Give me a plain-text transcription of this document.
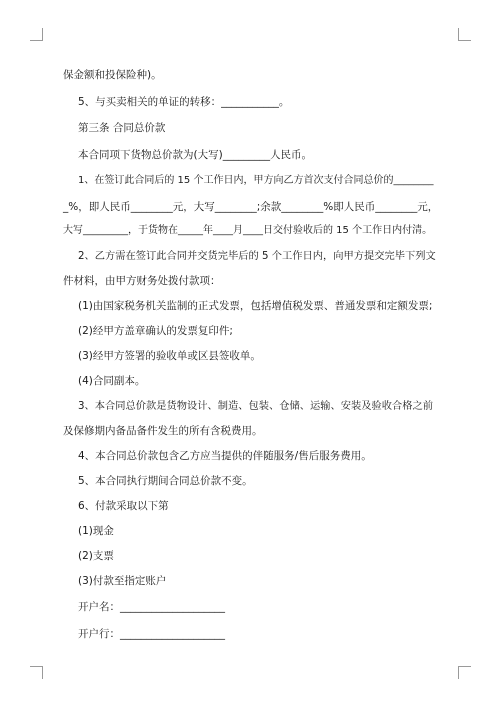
保金额和投保险种)。
5、与买卖相关的单证的转移：___________。
第三条 合同总价款
本合同项下货物总价款为(大写)_________人民币。
1、在签订此合同后的 15 个工作日内，甲方向乙方首次支付合同总价的________
_%，即人民币________元，大写________;余款________%即人民币________元，
大写_________，于货物在_____年____月____日交付验收后的 15 个工作日内付清。
2、乙方需在签订此合同并交货完毕后的 5 个工作日内，向甲方提交完毕下列文
件材料，由甲方财务处拨付款项：
(1)由国家税务机关监制的正式发票，包括增值税发票、普通发票和定额发票;
(2)经甲方盖章确认的发票复印件;
(3)经甲方签署的验收单或区县签收单。
(4)合同副本。
3、本合同总价款是货物设计、制造、包装、仓储、运输、安装及验收合格之前
及保修期内备品备件发生的所有含税费用。
4、本合同总价款包含乙方应当提供的伴随服务/售后服务费用。
5、本合同执行期间合同总价款不变。
6、付款采取以下第
(1)现金
(2)支票
(3)付款至指定账户
开户名：____________________
开户行：____________________
